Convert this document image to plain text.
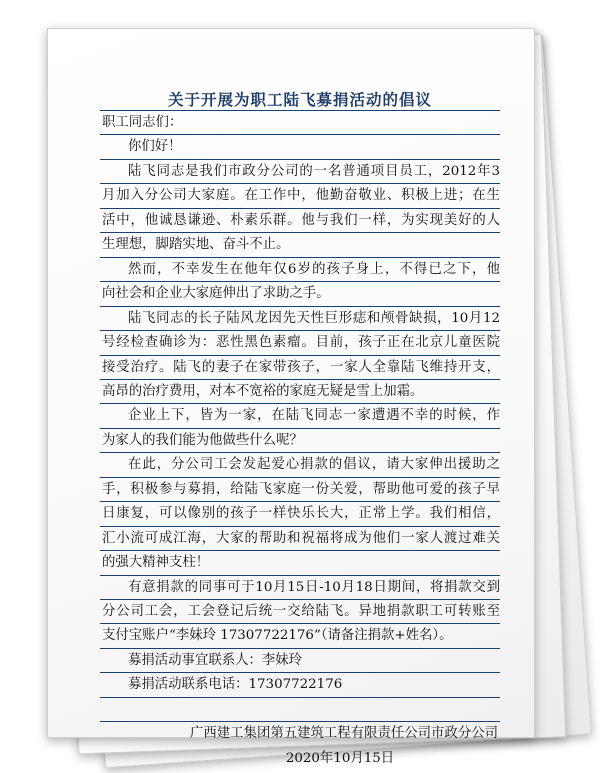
关于开展为职工陆飞募捐活动的倡议
职工同志们：
你们好！
陆飞同志是我们市政分公司的一名普通项目员工，2012年3
月加入分公司大家庭。在工作中，他勤奋敬业、积极上进；在生
活中，他诚恳谦逊、朴素乐群。他与我们一样，为实现美好的人
生理想，脚踏实地、奋斗不止。
然而，不幸发生在他年仅6岁的孩子身上，不得已之下，他
向社会和企业大家庭伸出了求助之手。
陆飞同志的长子陆风龙因先天性巨形痣和颅骨缺损，10月12
号经检查确诊为：恶性黑色素瘤。目前，孩子正在北京儿童医院
接受治疗。陆飞的妻子在家带孩子，一家人全靠陆飞维持开支，
高昂的治疗费用，对本不宽裕的家庭无疑是雪上加霜。
企业上下，皆为一家，在陆飞同志一家遭遇不幸的时候，作
为家人的我们能为他做些什么呢？
在此，分公司工会发起爱心捐款的倡议，请大家伸出援助之
手，积极参与募捐，给陆飞家庭一份关爱，帮助他可爱的孩子早
日康复，可以像别的孩子一样快乐长大，正常上学。我们相信，
汇小流可成江海，大家的帮助和祝福将成为他们一家人渡过难关
的强大精神支柱！
有意捐款的同事可于10月15日-10月18日期间，将捐款交到
分公司工会，工会登记后统一交给陆飞。异地捐款职工可转账至
支付宝账户“李妹玲 17307722176”（请备注捐款+姓名）。
募捐活动事宜联系人：李妹玲
募捐活动联系电话：17307722176
广西建工集团第五建筑工程有限责任公司市政分公司
2020年10月15日
